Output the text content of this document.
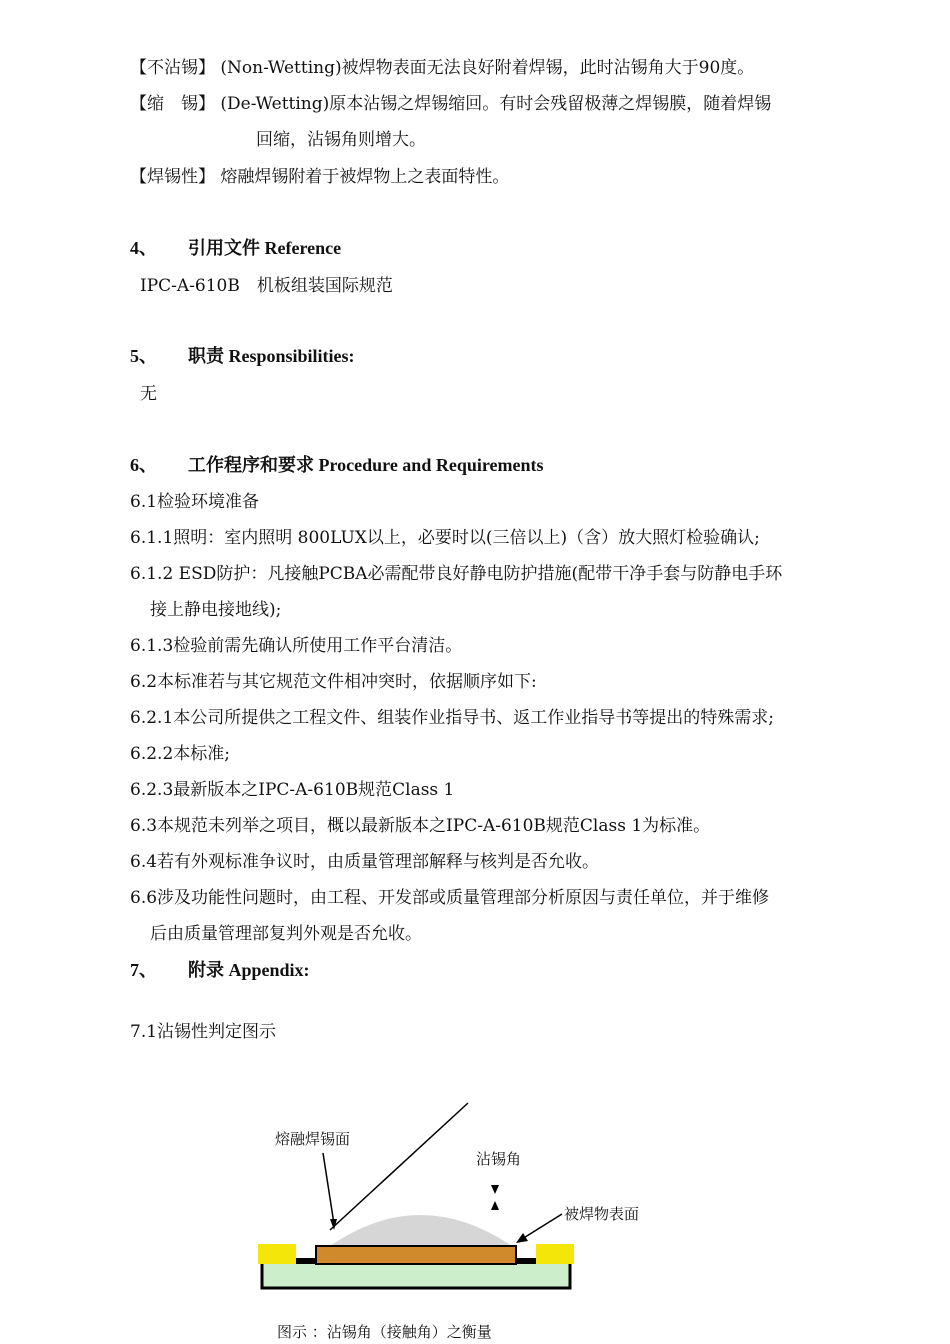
【不沾锡】 (Non-Wetting)被焊物表面无法良好附着焊锡，此时沾锡角大于90度。
【缩　锡】 (De-Wetting)原本沾锡之焊锡缩回。有时会残留极薄之焊锡膜，随着焊锡
回缩，沾锡角则增大。
【焊锡性】 熔融焊锡附着于被焊物上之表面特性。
4、 引用文件 Reference
IPC-A-610B　机板组装国际规范
5、 职责 Responsibilities:
无
6、 工作程序和要求 Procedure and Requirements
6.1检验环境准备
6.1.1照明：室内照明 800LUX以上，必要时以(三倍以上)（含）放大照灯检验确认;
6.1.2 ESD防护：凡接触PCBA必需配带良好静电防护措施(配带干净手套与防静电手环
接上静电接地线);
6.1.3检验前需先确认所使用工作平台清洁。
6.2本标准若与其它规范文件相冲突时，依据顺序如下:
6.2.1本公司所提供之工程文件、组装作业指导书、返工作业指导书等提出的特殊需求;
6.2.2本标准;
6.2.3最新版本之IPC-A-610B规范Class 1
6.3本规范未列举之项目，概以最新版本之IPC-A-610B规范Class 1为标准。
6.4若有外观标准争议时，由质量管理部解释与核判是否允收。
6.6涉及功能性问题时，由工程、开发部或质量管理部分析原因与责任单位，并于维修
后由质量管理部复判外观是否允收。
7、 附录 Appendix:
7.1沾锡性判定图示
熔融焊锡面
沾锡角
被焊物表面
图示 ：沾锡角（接触角）之衡量
